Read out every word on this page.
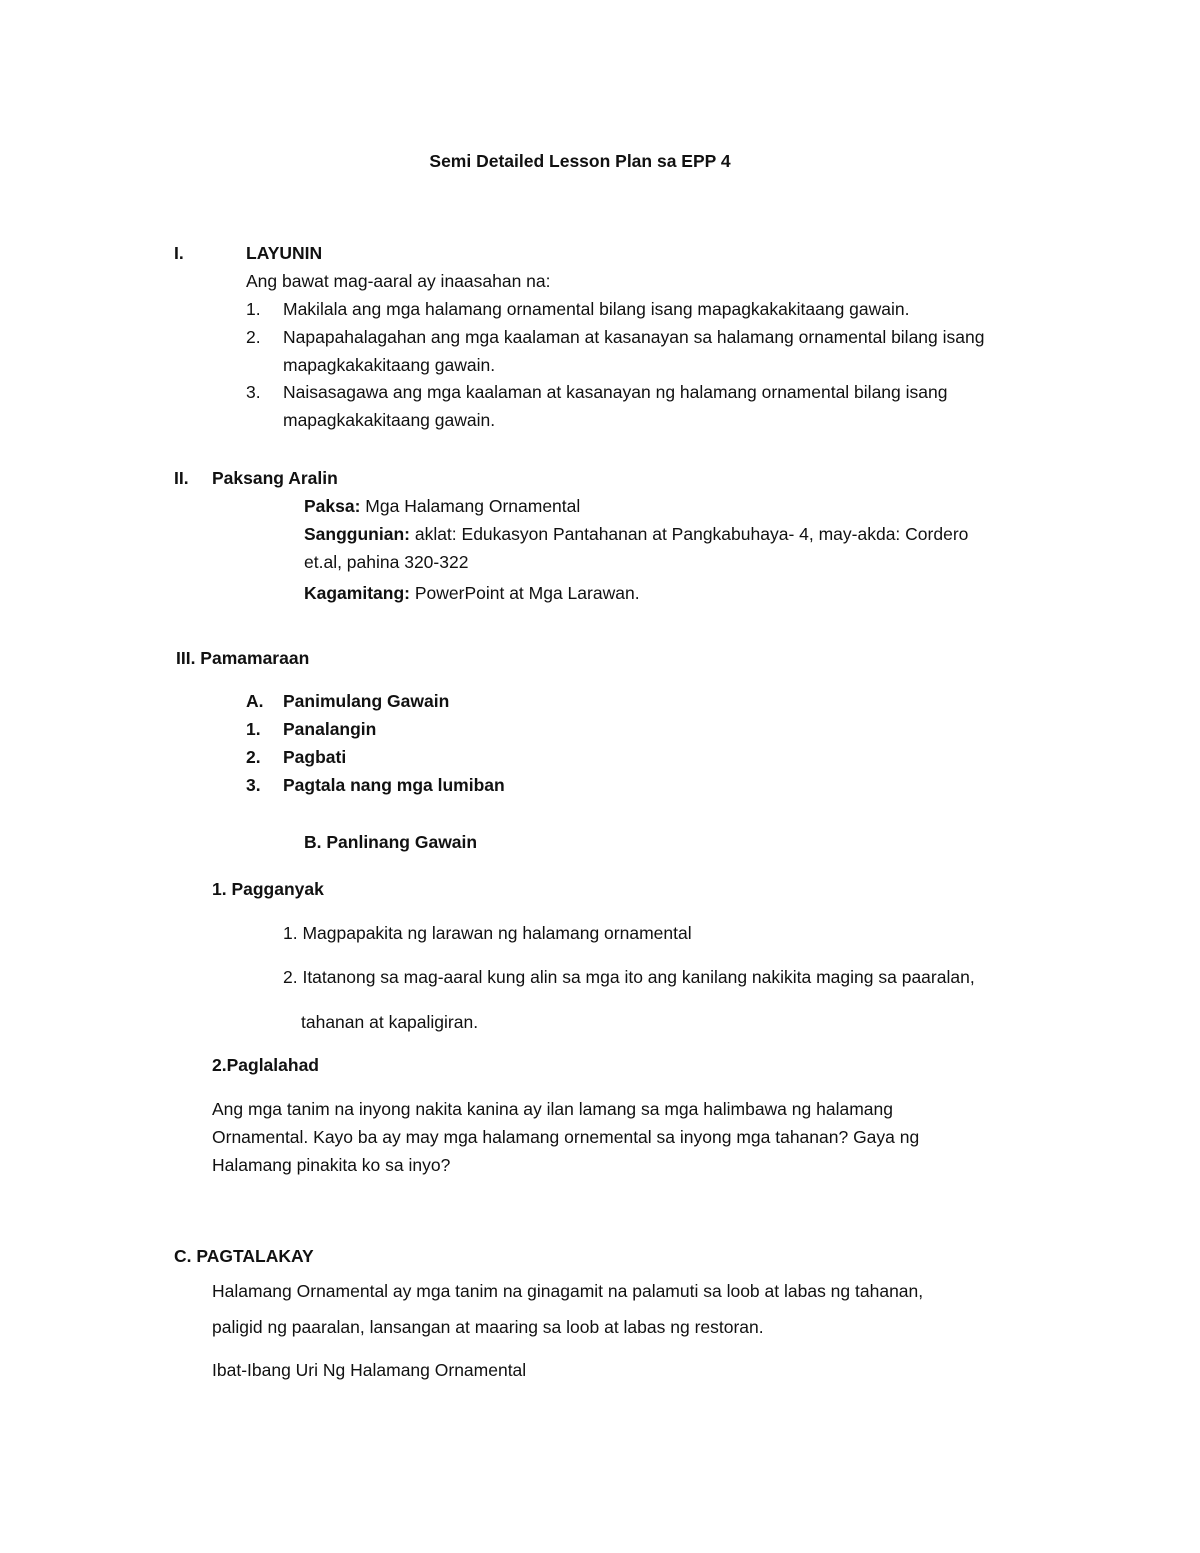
Semi Detailed Lesson Plan sa EPP 4
I.	LAYUNIN
Ang bawat mag-aaral ay inaasahan na:
1. Makilala ang mga halamang ornamental bilang isang mapagkakakitaang gawain.
2. Napapahalagahan ang mga kaalaman at kasanayan sa halamang ornamental bilang isang
mapagkakakitaang gawain.
3. Naisasagawa ang mga kaalaman at kasanayan ng halamang ornamental bilang isang
mapagkakakitaang gawain.
II. Paksang Aralin
Paksa: Mga Halamang Ornamental
Sanggunian: aklat: Edukasyon Pantahanan at Pangkabuhaya- 4, may-akda: Cordero
et.al, pahina 320-322
Kagamitang: PowerPoint at Mga Larawan.
III. Pamamaraan
A. Panimulang Gawain
1. Panalangin
2. Pagbati
3. Pagtala nang mga lumiban
B. Panlinang Gawain
1. Pagganyak
1. Magpapakita ng larawan ng halamang ornamental
2. Itatanong sa mag-aaral kung alin sa mga ito ang kanilang nakikita maging sa paaralan,
tahanan at kapaligiran.
2.Paglalahad
Ang mga tanim na inyong nakita kanina ay ilan lamang sa mga halimbawa ng halamang
Ornamental. Kayo ba ay may mga halamang ornemental sa inyong mga tahanan? Gaya ng
Halamang pinakita ko sa inyo?
C. PAGTALAKAY
Halamang Ornamental ay mga tanim na ginagamit na palamuti sa loob at labas ng tahanan,
paligid ng paaralan, lansangan at maaring sa loob at labas ng restoran.
Ibat-Ibang Uri Ng Halamang Ornamental
